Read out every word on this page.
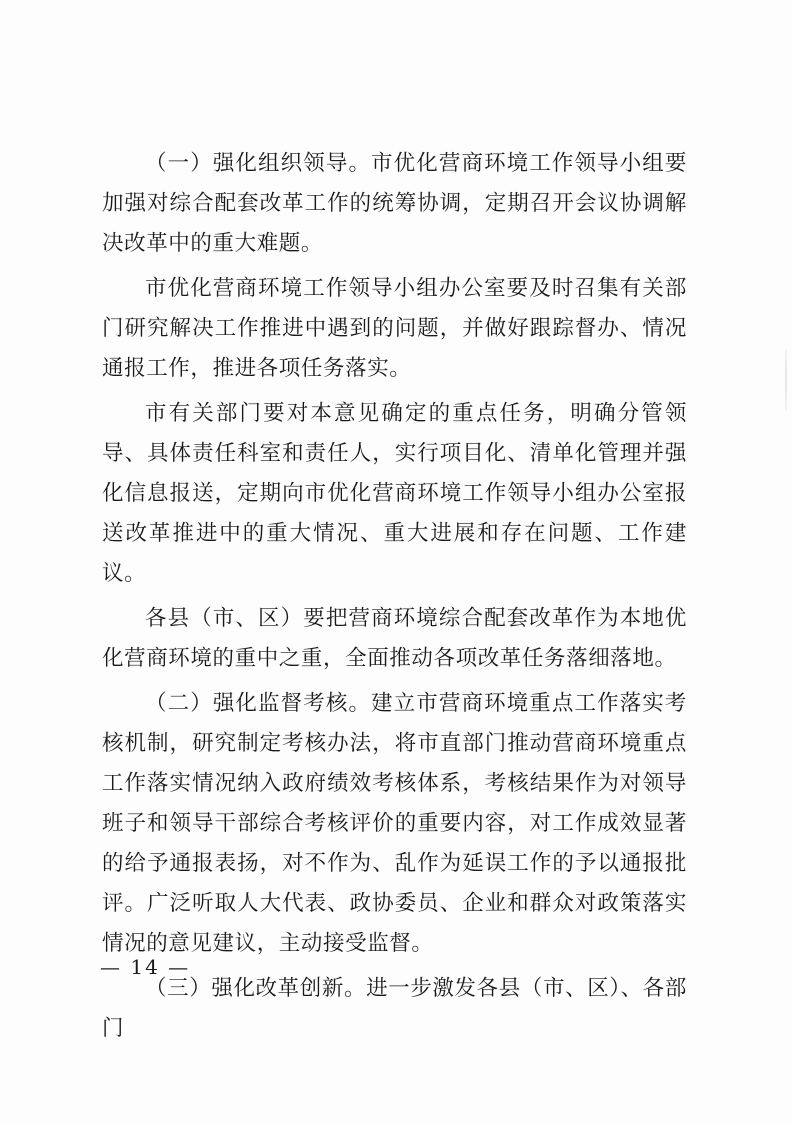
（一）强化组织领导。市优化营商环境工作领导小组要加强对综合配套改革工作的统筹协调，定期召开会议协调解决改革中的重大难题。

市优化营商环境工作领导小组办公室要及时召集有关部门研究解决工作推进中遇到的问题，并做好跟踪督办、情况通报工作，推进各项任务落实。

市有关部门要对本意见确定的重点任务，明确分管领导、具体责任科室和责任人，实行项目化、清单化管理并强化信息报送，定期向市优化营商环境工作领导小组办公室报送改革推进中的重大情况、重大进展和存在问题、工作建议。

各县（市、区）要把营商环境综合配套改革作为本地优化营商环境的重中之重，全面推动各项改革任务落细落地。

（二）强化监督考核。建立市营商环境重点工作落实考核机制，研究制定考核办法，将市直部门推动营商环境重点工作落实情况纳入政府绩效考核体系，考核结果作为对领导班子和领导干部综合考核评价的重要内容，对工作成效显著的给予通报表扬，对不作为、乱作为延误工作的予以通报批评。广泛听取人大代表、政协委员、企业和群众对政策落实情况的意见建议，主动接受监督。

（三）强化改革创新。进一步激发各县（市、区）、各部门

— 14 —
